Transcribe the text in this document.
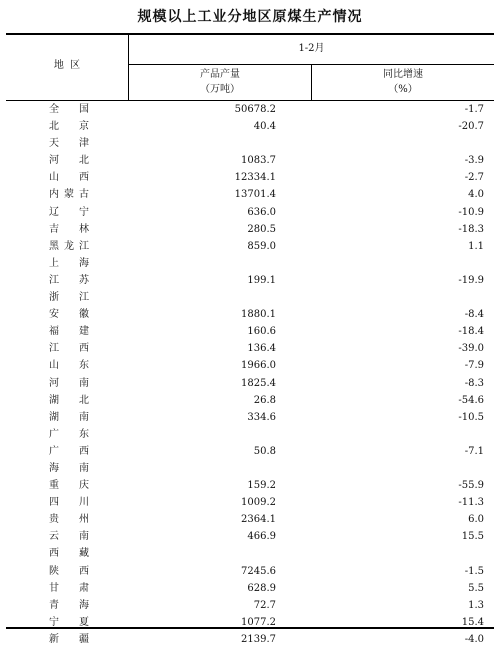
规模以上工业分地区原煤生产情况
地  区
1-2月
产品产量
（万吨）
同比增速
（%）
全国	50678.2	-1.7
北京	40.4	-20.7
天津
河北	1083.7	-3.9
山西	12334.1	-2.7
内蒙古	13701.4	4.0
辽宁	636.0	-10.9
吉林	280.5	-18.3
黑龙江	859.0	1.1
上海
江苏	199.1	-19.9
浙江
安徽	1880.1	-8.4
福建	160.6	-18.4
江西	136.4	-39.0
山东	1966.0	-7.9
河南	1825.4	-8.3
湖北	26.8	-54.6
湖南	334.6	-10.5
广东
广西	50.8	-7.1
海南
重庆	159.2	-55.9
四川	1009.2	-11.3
贵州	2364.1	6.0
云南	466.9	15.5
西藏
陕西	7245.6	-1.5
甘肃	628.9	5.5
青海	72.7	1.3
宁夏	1077.2	15.4
新疆	2139.7	-4.0
